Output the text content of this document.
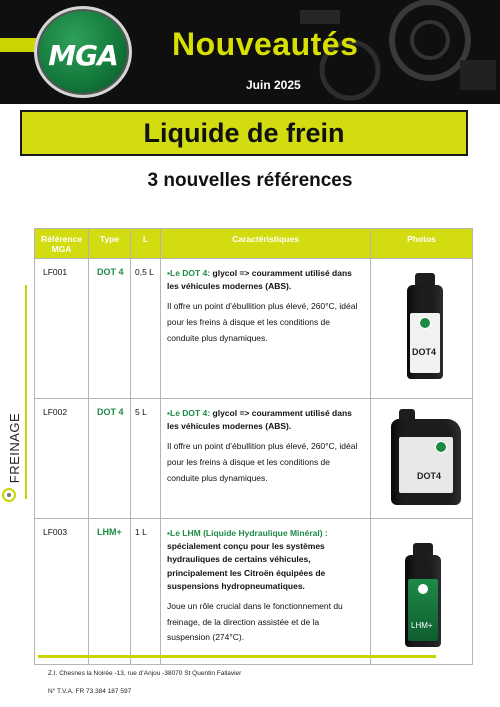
MGA	Nouveautés
Juin 2025
Liquide de frein
3 nouvelles références
FREINAGE
Référence MGA	Type	L	Caractéristiques	Photos
LF001	DOT 4	0,5 L	▪Le DOT 4: glycol => couramment utilisé dans les véhicules modernes (ABS).
Il offre un point d’ébullition plus élevé, 260°C, idéal pour les freins à disque et les conditions de conduite plus dynamiques.	DOT4

LF002	DOT 4	5 L	▪Le DOT 4: glycol => couramment utilisé dans les véhicules modernes (ABS).
Il offre un point d’ébullition plus élevé, 260°C, idéal pour les freins à disque et les conditions de conduite plus dynamiques.	DOT4

LF003	LHM+	1 L	▪Le LHM (Liquide Hydraulique Minéral) : spécialement conçu pour les systèmes hydrauliques de certains véhicules, principalement les Citroën équipées de suspensions hydropneumatiques.
Joue un rôle crucial dans le fonctionnement du freinage, de la direction assistée et de la suspension (274°C).	LHM+
Z.I. Chesnes la Noirée -13, rue d’Anjou -38070 St Quentin Fallavier
N° T.V.A. FR 73 384 187 597
